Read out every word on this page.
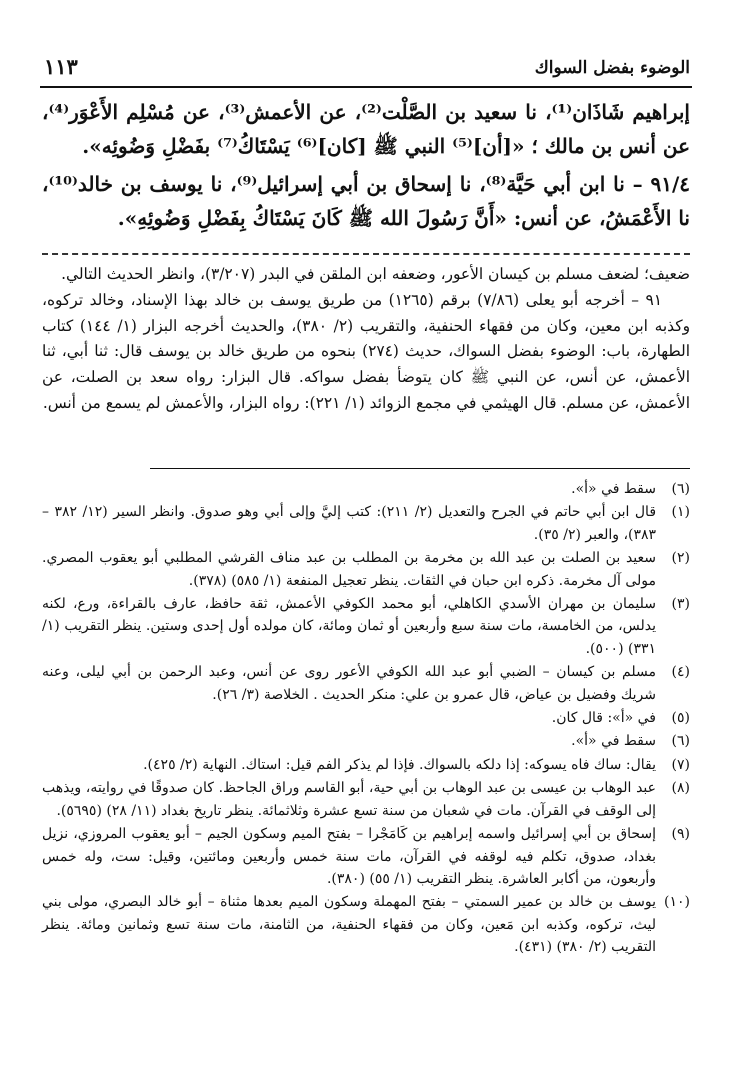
١١٣	الوضوء بفضل السواك

إبراهيم شَاذَان⁽¹⁾، نا سعيد بن الصَّلْت⁽²⁾، عن الأعمش⁽³⁾، عن مُسْلِم الأَعْوَر⁽⁴⁾، عن أنس بن مالك ؛ «[أن]⁽⁵⁾ النبي ﷺ [كان]⁽⁶⁾ يَسْتَاكُ⁽⁷⁾ بفَضْلِ وَضُوئِه».

٩١/٤ – نا ابن أبي حَيَّة⁽⁸⁾، نا إسحاق بن أبي إسرائيل⁽⁹⁾، نا يوسف بن خالد⁽¹⁰⁾، نا الأَعْمَشُ، عن أنس: «أَنَّ رَسُولَ الله ﷺ كَانَ يَسْتَاكُ بِفَضْلِ وَضُوئِهِ».

ضعيف؛ لضعف مسلم بن كيسان الأعور، وضعفه ابن الملقن في البدر (٣/٢٠٧)، وانظر الحديث التالي.

٩١ – أخرجه أبو يعلى (٧/٨٦) برقم (١٢٦٥) من طريق يوسف بن خالد بهذا الإسناد، وخالد تركوه، وكذبه ابن معين، وكان من فقهاء الحنفية، والتقريب (٢/ ٣٨٠)، والحديث أخرجه البزار (١/ ١٤٤) كتاب الطهارة، باب: الوضوء بفضل السواك، حديث (٢٧٤) بنحوه من طريق خالد بن يوسف قال: ثنا أبي، ثنا الأعمش، عن أنس، عن النبي ﷺ كان يتوضأ بفضل سواكه. قال البزار: رواه سعد بن الصلت، عن الأعمش، عن مسلم. قال الهيثمي في مجمع الزوائد (١/ ٢٢١): رواه البزار، والأعمش لم يسمع من أنس.

(٦)
سقط في «أ».
(١)
قال ابن أبي حاتم في الجرح والتعديل (٢/ ٢١١): كتب إليَّ وإلى أبي وهو صدوق. وانظر السير (١٢/ ٣٨٢ – ٣٨٣)، والعبر (٢/ ٣٥).
(٢)
سعيد بن الصلت بن عبد الله بن مخرمة بن المطلب بن عبد مناف القرشي المطلبي أبو يعقوب المصري. مولى آل مخرمة. ذكره ابن حبان في الثقات. ينظر تعجيل المنفعة (١/ ٥٨٥) (٣٧٨).
(٣)
سليمان بن مهران الأسدي الكاهلي، أبو محمد الكوفي الأعمش، ثقة حافظ، عارف بالقراءة، ورع، لكنه يدلس، من الخامسة، مات سنة سبع وأربعين أو ثمان ومائة، كان مولده أول إحدى وستين. ينظر التقريب (١/ ٣٣١) (٥٠٠).
(٤)
مسلم بن كيسان – الضبي أبو عبد الله الكوفي الأعور روى عن أنس، وعبد الرحمن بن أبي ليلى، وعنه شريك وفضيل بن عياض، قال عمرو بن علي: منكر الحديث . الخلاصة (٣/ ٢٦).
(٥)
في «أ»: قال كان.
(٦)
سقط في «أ».
(٧)
يقال: ساك فاه يسوكه: إذا دلكه بالسواك. فإذا لم يذكر الفم قيل: استاك. النهاية (٢/ ٤٢٥).
(٨)
عبد الوهاب بن عيسى بن عبد الوهاب بن أبي حية، أبو القاسم وراق الجاحظ. كان صدوقًا في روايته، ويذهب إلى الوقف في القرآن. مات في شعبان من سنة تسع عشرة وثلاثمائة. ينظر تاريخ بغداد (١١/ ٢٨) (٥٦٩٥).
(٩)
إسحاق بن أبي إسرائيل واسمه إبراهيم بن كَامَجْرا – بفتح الميم وسكون الجيم – أبو يعقوب المروزي، نزيل بغداد، صدوق، تكلم فيه لوقفه في القرآن، مات سنة خمس وأربعين ومائتين، وقيل: ست، وله خمس وأربعون، من أكابر العاشرة. ينظر التقريب (١/ ٥٥) (٣٨٠).
(١٠)
يوسف بن خالد بن عمير السمتي – بفتح المهملة وسكون الميم بعدها مثناة – أبو خالد البصري، مولى بني ليث، تركوه، وكذبه ابن مَعين، وكان من فقهاء الحنفية، من الثامنة، مات سنة تسع وثمانين ومائة. ينظر التقريب (٢/ ٣٨٠) (٤٣١).
